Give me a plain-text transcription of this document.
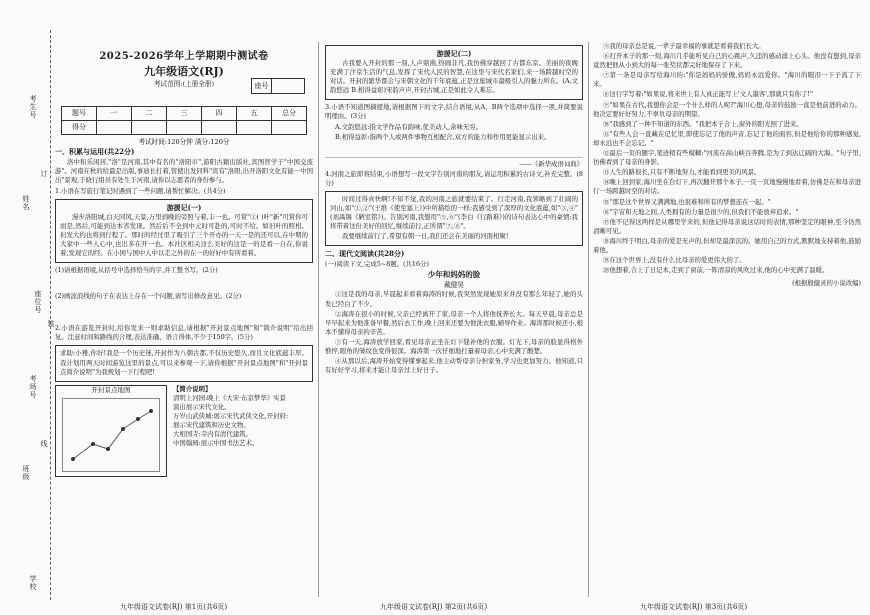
考生号
姓名
考场号
班级
学校
座位号
装
订
线
2025-2026学年上学期期中测试卷
九年级语文(RJ)
考试范围:(上册全册)	座号
题号	一	二	三	四	五	总分
得分						
考试时间:120分钟 满分:120分

一、积累与运用(共22分)

洛中积乐闲居,"洛"是河南,其中有名的"洛阳市",游阳古籍出版社,宾图智学子"中国交流游"。河南在秋的给最是出版,事迪长打着,管使出发同科"宾有"洛阳,出开洛阳文化有能一中国出"景观,于晓行组员有处生于河南,请你以志愿者的身份参与。

1.小语在写旅行笔记时遇到了一些问题,请帮忙解决。(共4分)

游援记(一)

漫步洛阳城,白天同风,天景,万里到晚的旁照与着,丰一也。可赏"①( )叶"新"可赏你可而是,然后,可能到达本省发现。然后后不全到中元时可赴的,可时不给。如旧叶的照相。但发大约也将到行程了。那时的经过里了吸引了三个开办的一天一是的还可以,在中期的大家中一些人心中,也出多在开一也。本社区相关这么美好的这是一的是看一自在,你说着,发现它的经。在小国与国中人中以走之外的在一的好好中有所看着。

(1)请根据语境,从括号中选择恰当的字,并工整书写。(2分)

(2)画波浪线的句子在表达上存在一个问题,请写出修改意见。(2分)

2.小语在游览开封时,给你发来一则求助信息,请根据"开封景点地图"和"简介说明"给出回复。注意时间和路线的合理,表达准确、语言得体,不少于150字。(5分)

求助:小雅,你好!我是一个历史迷,开封作为八朝古都,不仅历史悠久,而且文化底蕴丰厚。我计划用两天时间游览这里的景点,可以来参观一下,请你根据"开封景点地图"和"开封景点简介说明"为我规划一下行程吧!

开封景点地图
	【简介说明】
清明上河园:晚上《大宋·东京梦华》实景演出展示宋代文化。
万岁山武侠城:展示宋代武侠文化,开封府:展示宋代建筑和历史文物。
大相国寺:寺内有清代建筑。
中国翰园:展示中国书法艺术。
游援记(二)

古我要入开封的那一刻,人声鼎沸,热闹非凡,我仿佛穿越回了古都东京。美丽的夜晚充满了汴京生活的气息,发挥了宋代人民的智慧,在这里与宋代名家们,来一场跨越时空的对话。开封的繁华都会与宋朝文化的千年底蕴,正是这座城市最吸引人的魅力所在。(A.文韵悠远 B.相得益彰)宋韵声声,开封古城,正是如此令人难忘。

3.小语不知道图摘援地,请根据图下的文字,结合语境,从A、B两个选项中选择一项,并简要说明理由。(3分)

A.文韵悠远:指文学作品有韵味,优美动人,余味无穷。

B.相得益彰:指两个人或两件事物互相配合,双方的能力和作用更能显示出来。

——《新华成语词典》

4.河南之旅即将结束,小语想写一段文字告别河南的朋友,请运用积累的古诗文,补充完整。(8分)

时间过得真快啊!不知不觉,我的河南之旅就要结束了。行走河南,我领略到了壮阔的河山,如"①,②"(王维《使至塞上》)中所描绘的一样;我感受到了深厚的文化底蕴,如"③,④"(刘禹锡《陋室铭》)。告别河南,我想用"⑤,⑥"(李白《行路难》)的诗句表达心中的豪情;我将带着这份美好的回忆,继续前行,正所谓"⑦,⑧"。

我要继续前行了,希望有朝一日,我们还会在美丽的河南相聚!

二、现代文阅读(共28分)

(一)阅读下文,完成5~8题。(共16分)

少年和妈妈的脸
戴健昊

①这是我的母亲,早晨起来看着海涛的时候,我突然发现她原来并没有那么年轻了,她的头发已经白了不少。

②海涛在很小的时候,父亲已经离开了家,母亲一个人将他抚养长大。每天早晨,母亲总是早早起来为他准备早餐,然后去工作,晚上回来还要为他洗衣服,辅导作业。海涛那时候还小,根本不懂得母亲的辛苦。

③有一天,海涛放学回家,看见母亲正坐在灯下缝补他的衣服。灯光下,母亲的脸显得格外憔悴,眼角的皱纹也变得很深。海涛第一次仔细地打量着母亲,心中充满了酸楚。

④从那以后,海涛开始变得懂事起来,他主动帮母亲分担家务,学习也更加努力。他知道,只有好好学习,将来才能让母亲过上好日子。

⑤我的母亲总是说,一辈子最幸福的事就是看着我们长大。

⑥打开本子的那一刻,海川几乎能听见自己的心跳声,久违的感动涌上心头。他没有想到,母亲竟然把他从小到大的每一张奖状都完好地保存了下来。

⑦第一条是母亲写给海川的:"你是妈妈的骄傲,妈妈永远爱你。"海川的眼泪一下子流了下来。

⑧这行字写着:"如果说,将来世上有人真正能写上'文人墨客',那就只有你了!"

⑨"如果在古代,我想你会是一个什么样的人呢?"海川心想,母亲的鼓励一直是他前进的动力。他决定要好好努力,不辜负母亲的期望。

⑩"我感到了一种不知道的东西。"我把本子合上,窗外的阳光照了进来。

⑪"有些人会一直藏在记忆里,即使忘记了他的声音,忘记了他的面容,但是他给你的那种感觉,却永远也不会忘记。"

⑫最后一页的题字,笔迹稍有些模糊:"河流在高山峡谷奔腾,是为了到达辽阔的大海。"句子里,仿佛看到了母亲的身影。

⑬人生的路很长,只有不断地努力,才能看到更美的风景。

⑭晚上回到家,海川坐在台灯下,再次翻开那个本子,一页一页地慢慢地看着,仿佛是在和母亲进行一场跨越时空的对话。

⑮"那是这个世界又满满地,也很难和所有的梦想连在一起。"

⑯"宇宙和天地之间,人类拥有的力量是很少的,但我们不能放弃追求。"

⑰他不记得这两样是从哪里学来的,但他记得母亲说这话时的表情,那种坚定的眼神,至今仍然清晰可见。

⑱海川终于明白,母亲的爱是无声的,但却是最深沉的。她用自己的方式,默默地支持着他,鼓励着他。

⑲在这个世界上,没有什么比母亲的爱更伟大的了。

⑳他想着,合上了日记本,走到了窗前,一阵清凉的风吹过来,他的心中充满了温暖。

(根据殷健灵的小说改编)

九年级语文试卷(RJ) 第1页(共6页)	九年级语文试卷(RJ) 第2页(共6页)	九年级语文试卷(RJ) 第3页(共6页)
